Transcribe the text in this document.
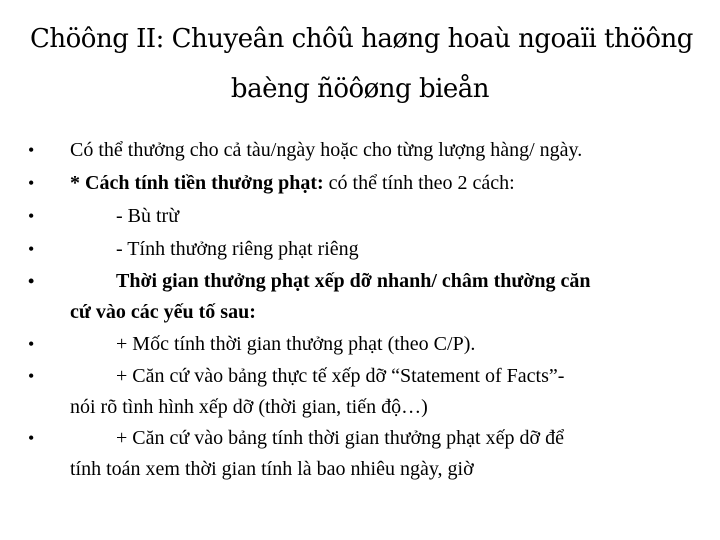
Chöông II: Chuyeân chôû haøng hoaù ngoaïi thöông
baèng ñöôøng bieån
• Có thể thưởng cho cả tàu/ngày hoặc cho từng lượng hàng/ ngày.
• * Cách tính tiền thưởng phạt: có thể tính theo 2 cách:
•	- Bù trừ
•	- Tính thưởng riêng phạt riêng
•	Thời gian thưởng phạt xếp dỡ nhanh/ châm thường căn
cứ vào các yếu tố sau:
•	+ Mốc tính thời gian thưởng phạt (theo C/P).
•	+ Căn cứ vào bảng thực tế xếp dỡ “Statement of Facts”-
nói rõ tình hình xếp dỡ (thời gian, tiến độ…)
•	+ Căn cứ vào bảng tính thời gian thưởng phạt xếp dỡ để
tính toán xem thời gian tính là bao nhiêu ngày, giờ
